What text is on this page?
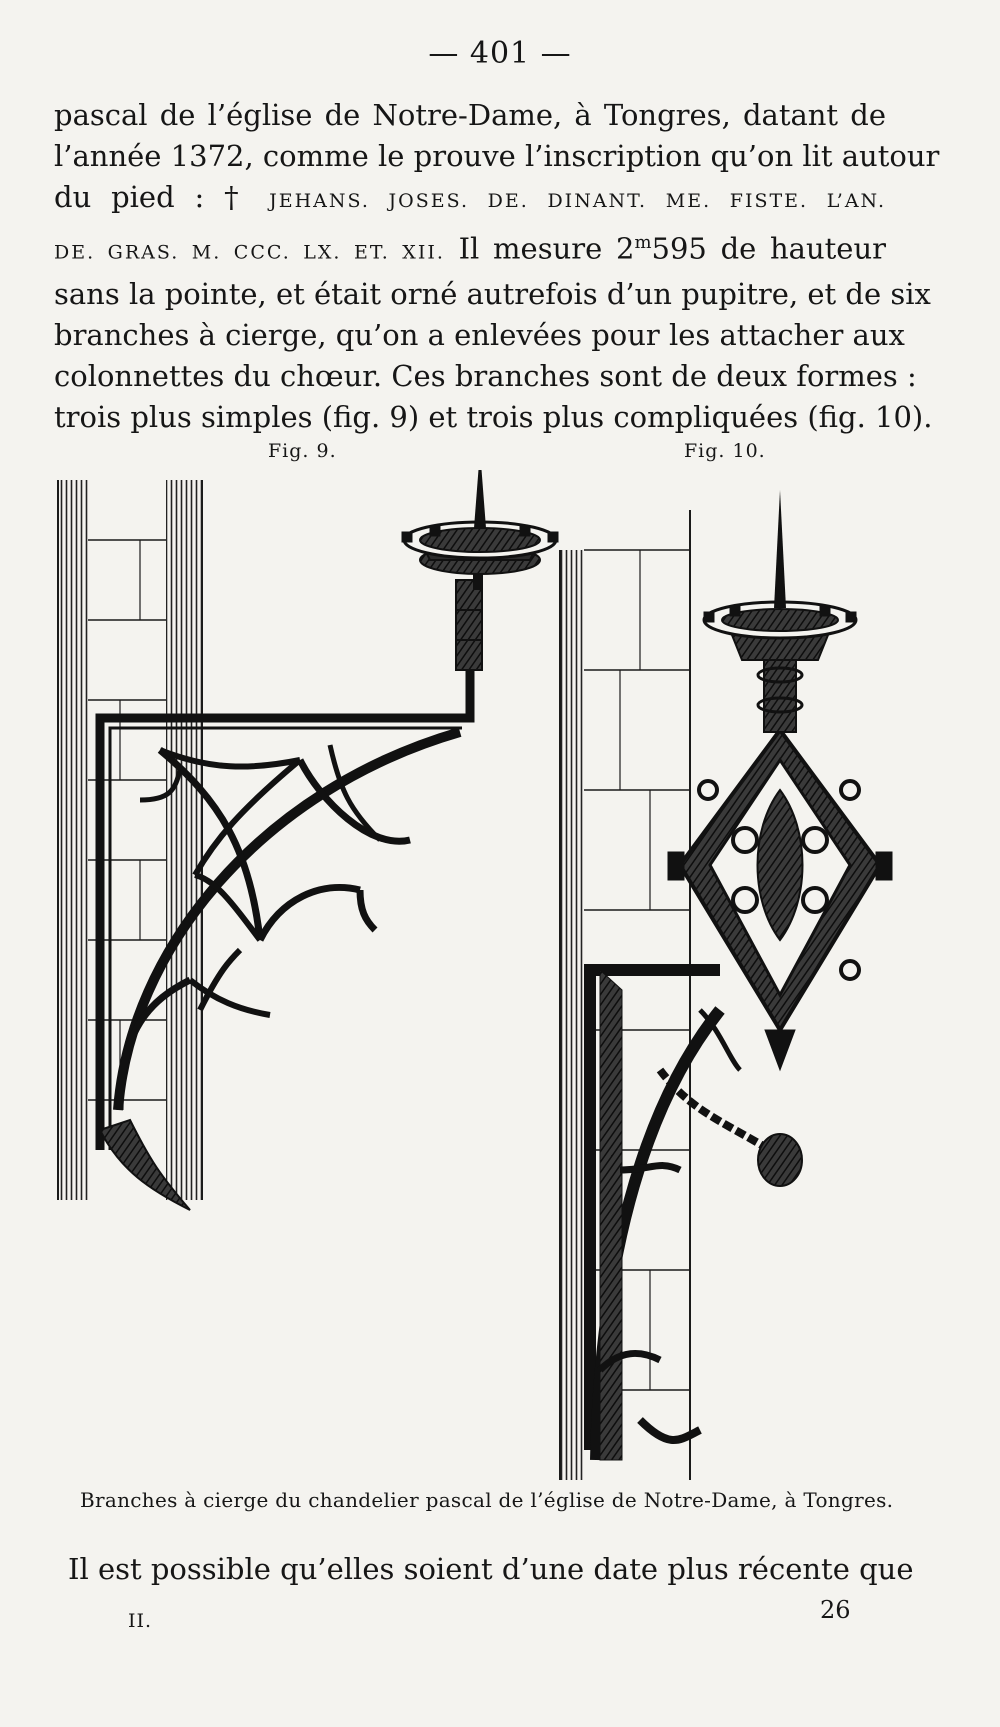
— 401 —
pascal de l’église de Notre-Dame, à Tongres, datant de
l’année 1372, comme le prouve l’inscription qu’on lit autour
du pied : † JEHANS. JOSES. DE. DINANT. ME. FISTE. L’AN.
DE. GRAS. M. CCC. LX. ET. XII. Il mesure 2$^m$595 de hauteur
sans la pointe, et était orné autrefois d’un pupitre, et de six
branches à cierge, qu’on a enlevées pour les attacher aux
colonnettes du chœur. Ces branches sont de deux formes :
trois plus simples (fig. 9) et trois plus compliquées (fig. 10).
Fig. 9.	Fig. 10.
Branches à cierge du chandelier pascal de l’église de Notre-Dame, à Tongres.
Il est possible qu’elles soient d’une date plus récente que
II.	26
